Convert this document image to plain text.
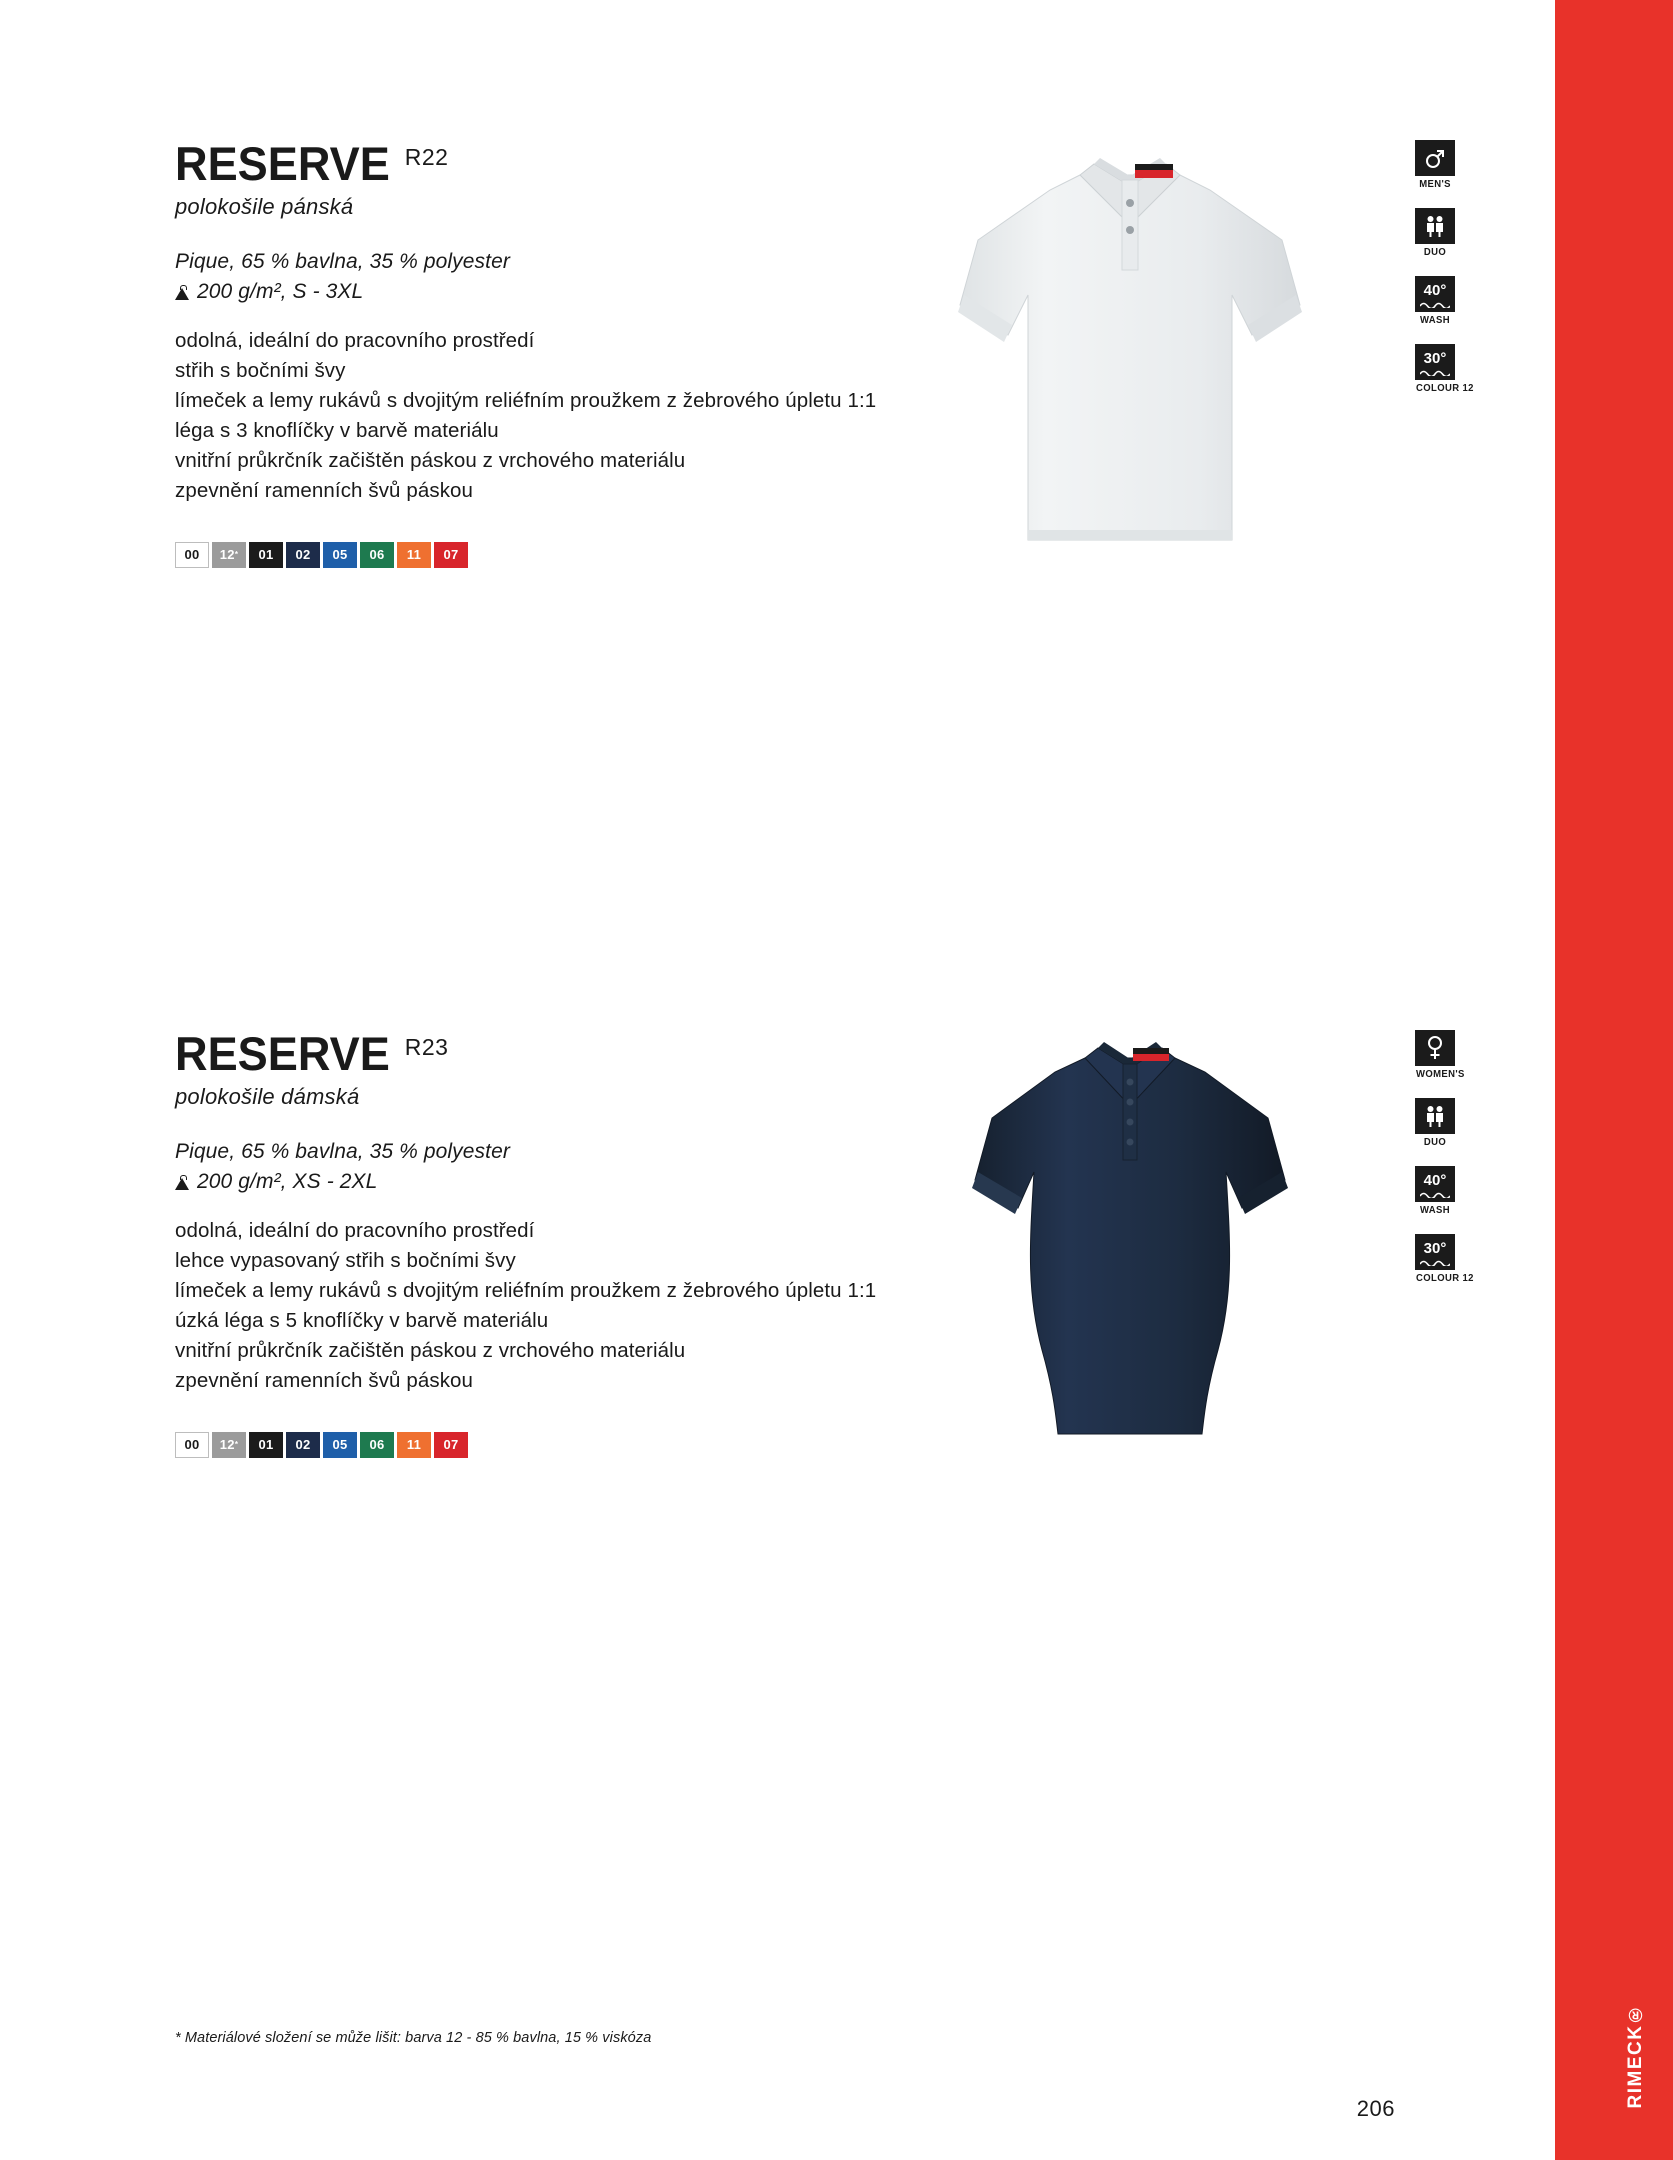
RESERVE R22
polokošile pánská
Pique, 65 % bavlna, 35 % polyester
200 g/m², S - 3XL
odolná, ideální do pracovního prostředí
střih s bočními švy
límeček a lemy rukávů s dvojitým reliéfním proužkem z žebrového úpletu 1:1
léga s 3 knoflíčky v barvě materiálu
vnitřní průkrčník začištěn páskou z vrchového materiálu
zpevnění ramenních švů páskou
00	12 *	01	02	05	06	11	07
MEN'S
DUO
40°
WASH
30°
COLOUR 12
RESERVE R23
polokošile dámská
Pique, 65 % bavlna, 35 % polyester
200 g/m², XS - 2XL
odolná, ideální do pracovního prostředí
lehce vypasovaný střih s bočními švy
límeček a lemy rukávů s dvojitým reliéfním proužkem z žebrového úpletu 1:1
úzká léga s 5 knoflíčky v barvě materiálu
vnitřní průkrčník začištěn páskou z vrchového materiálu
zpevnění ramenních švů páskou
00	12 *	01	02	05	06	11	07
WOMEN'S
DUO
40°
WASH
30°
COLOUR 12
* Materiálové složení se může lišit: barva 12 - 85 % bavlna, 15 % viskóza
206
RIMECK®
